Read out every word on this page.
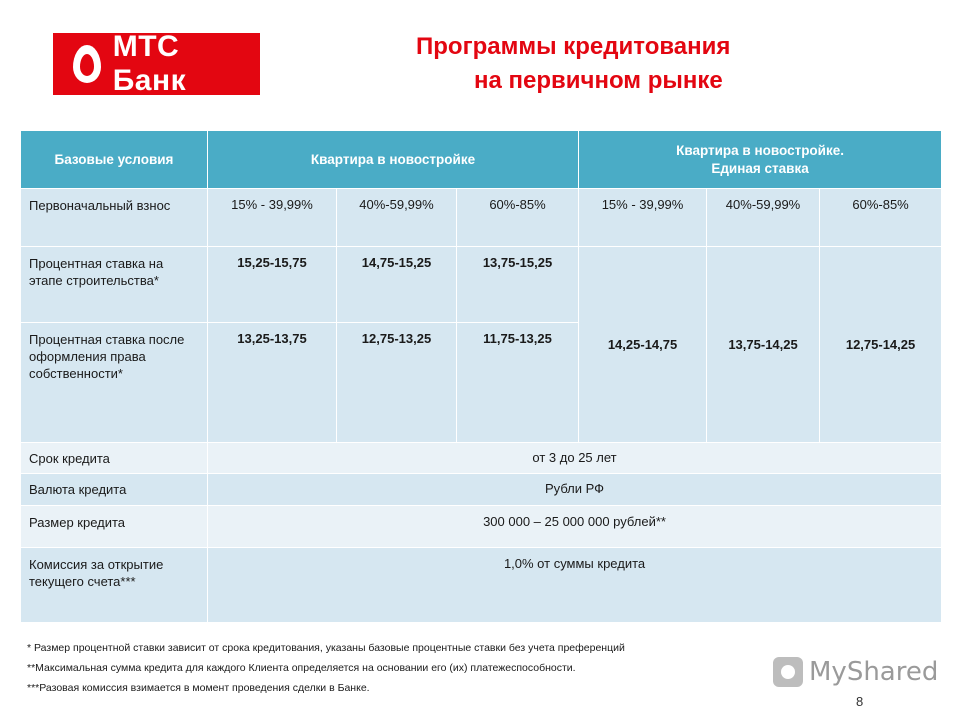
МТС Банк
Программы кредитования
на первичном рынке
Базовые условия	Квартира в новостройке			Квартира в новостройке.
Единая ставка		
Первоначальный взнос	15% - 39,99%	40%-59,99%	60%-85%	15% - 39,99%	40%-59,99%	60%-85%
Процентная ставка на этапе строительства*	15,25-15,75	14,75-15,25	13,75-15,25	14,25-14,75	13,75-14,25	12,75-14,25
Процентная ставка после оформления права собственности*	13,25-13,75	12,75-13,25	11,75-13,25			
Срок кредита	от 3 до 25 лет					
Валюта кредита	Рубли РФ					
Размер кредита	300 000 – 25 000 000 рублей**					
Комиссия за открытие текущего счета***	1,0% от суммы кредита					
* Размер процентной ставки зависит от срока кредитования, указаны базовые процентные ставки без учета преференций
**Максимальная сумма кредита для каждого Клиента определяется на основании его (их) платежеспособности.
***Разовая комиссия взимается в момент проведения сделки в Банке.
MyShared
8
